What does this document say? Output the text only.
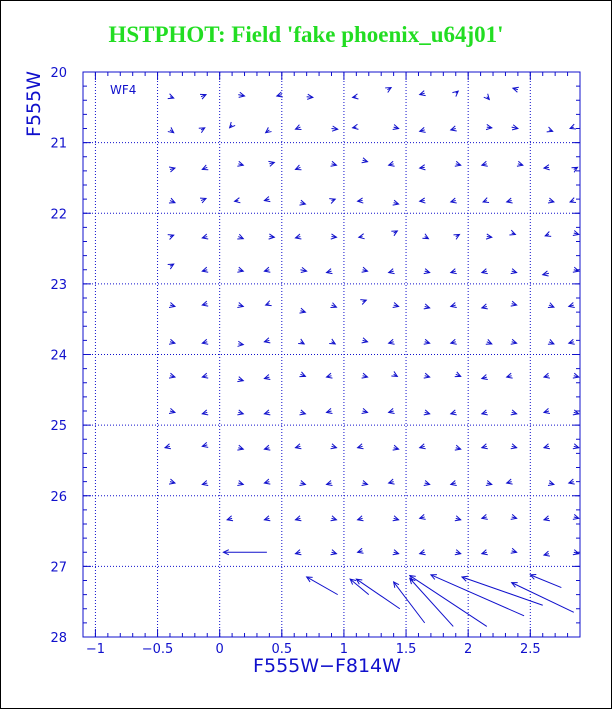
HSTPHOT: Field 'fake phoenix_u64j01'
−1	−0.5	0	0.5	1	1.5	2	2.5
20
21
22
23
24
25
26
27
28
F555W−F814W
F555W	WF4
